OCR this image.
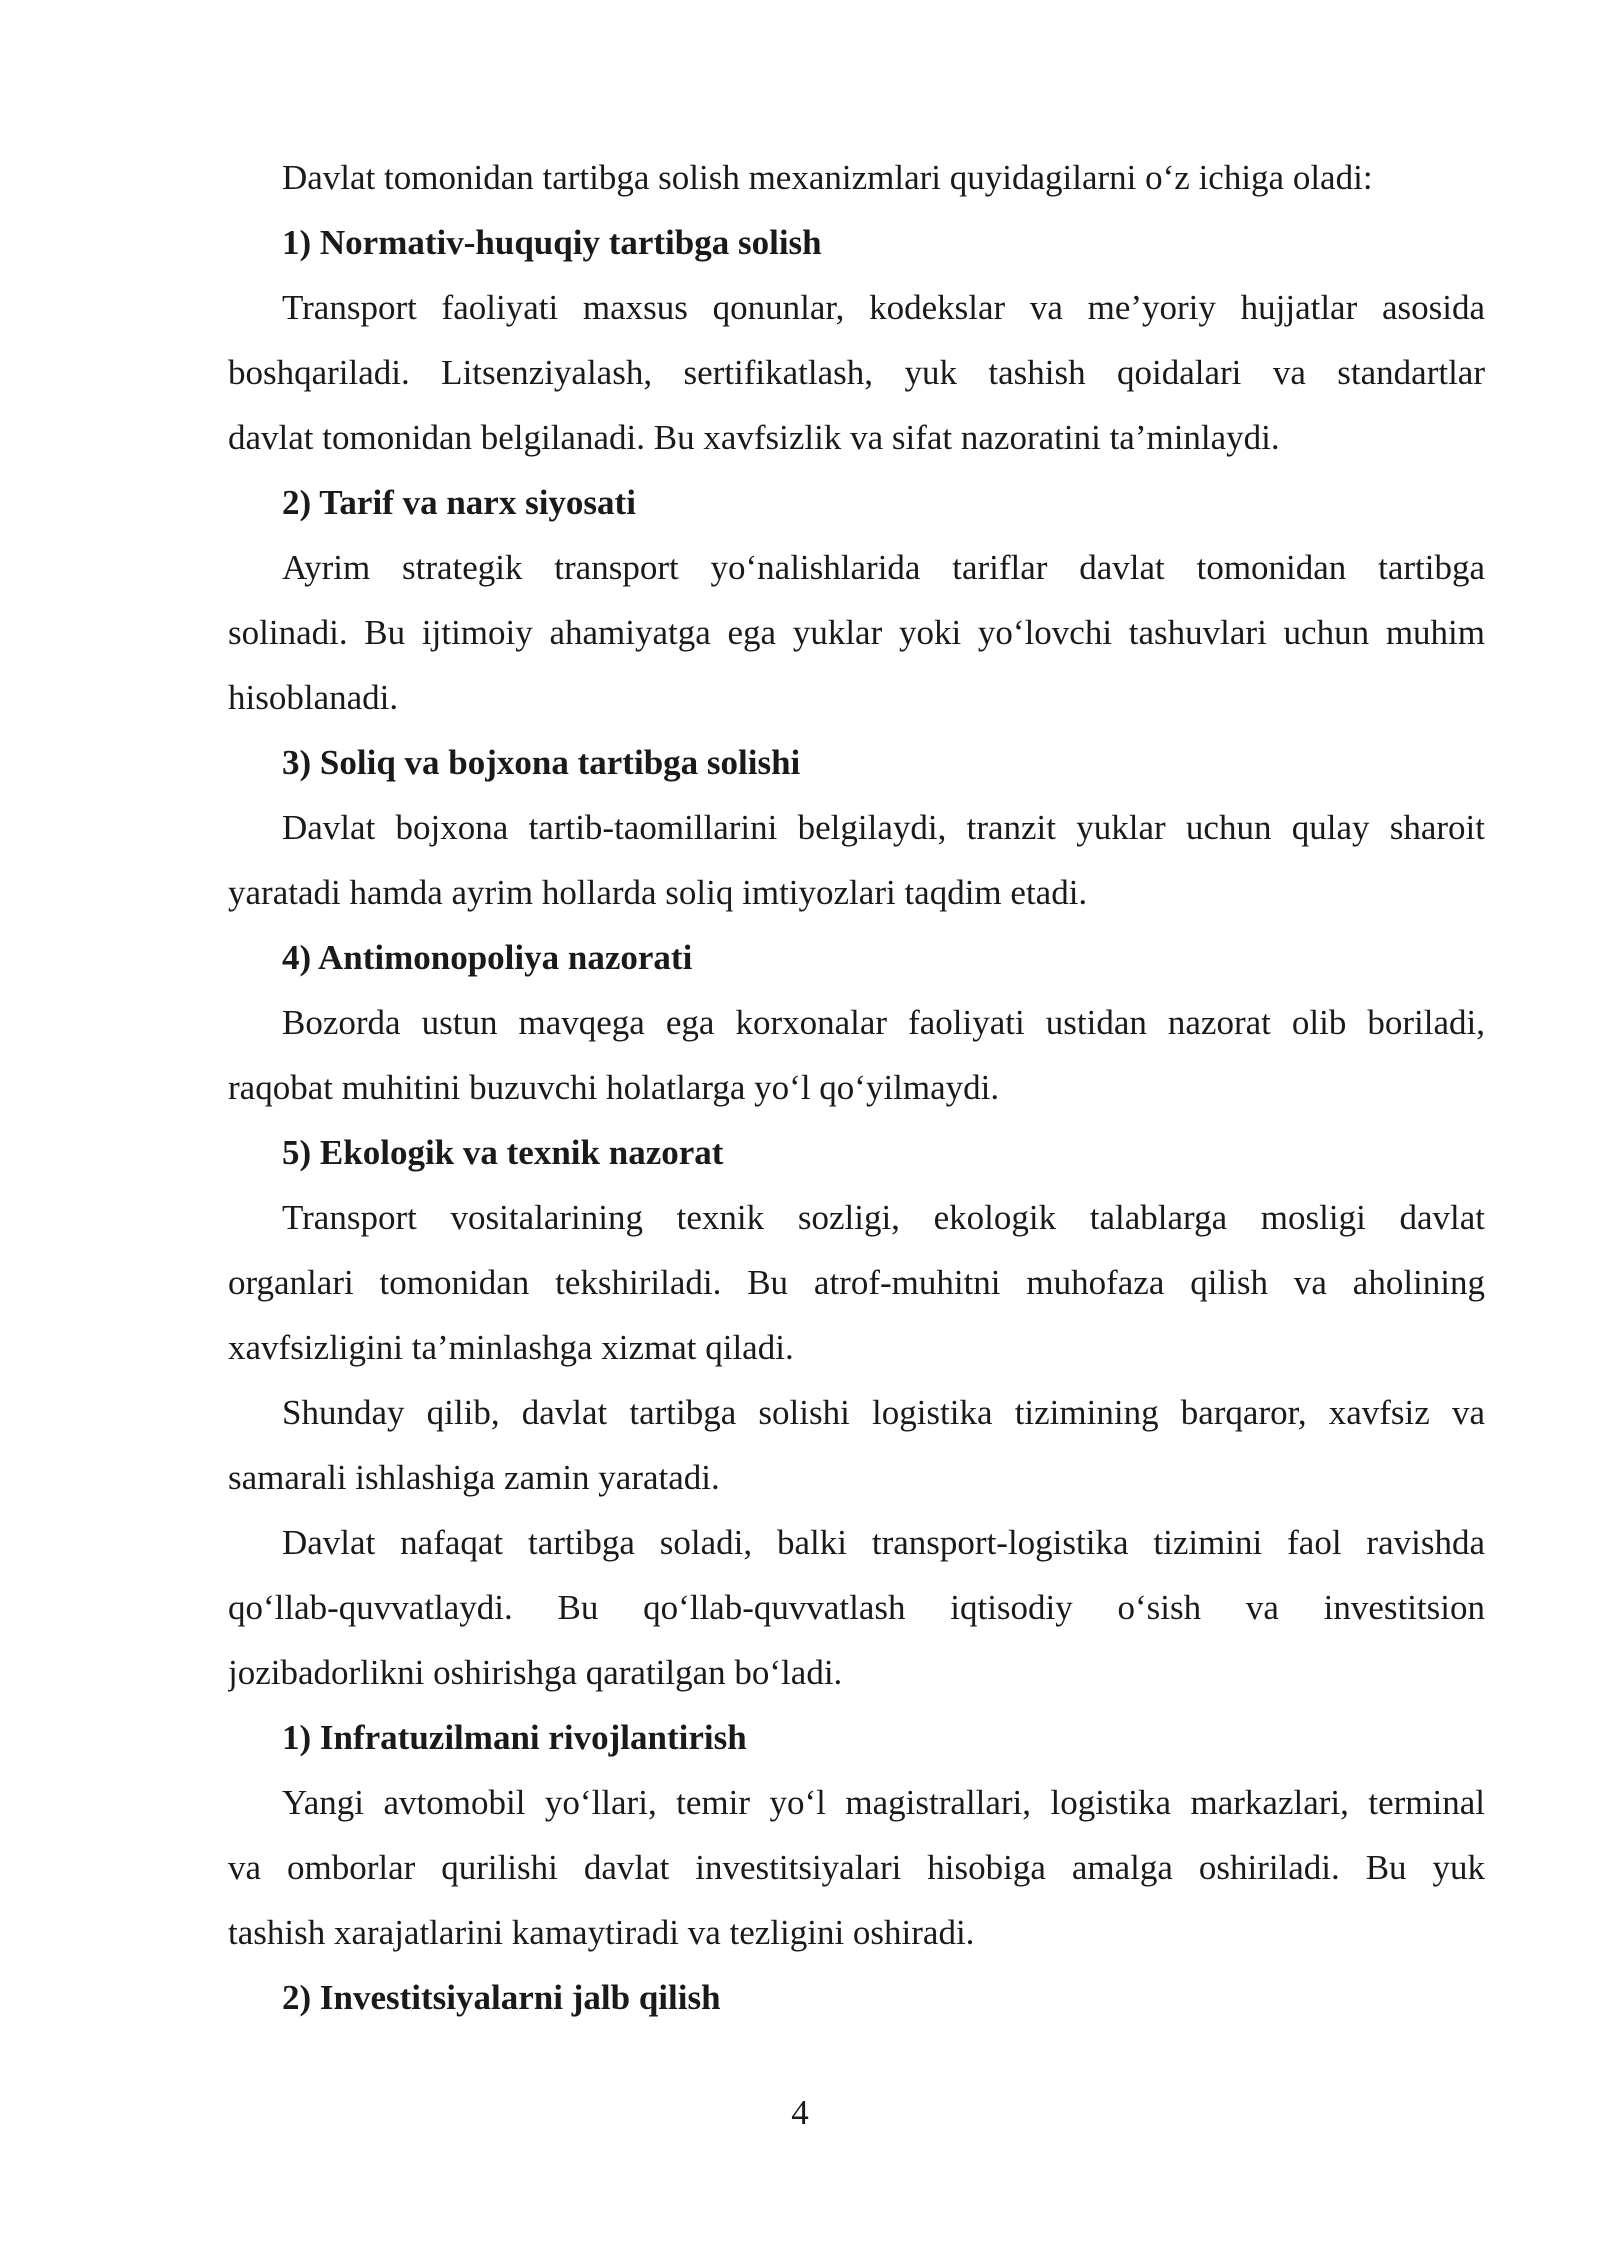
Davlat tomonidan tartibga solish mexanizmlari quyidagilarni o‘z ichiga oladi:
1) Normativ-huquqiy tartibga solish
Transport faoliyati maxsus qonunlar, kodekslar va me’yoriy hujjatlar asosida
boshqariladi. Litsenziyalash, sertifikatlash, yuk tashish qoidalari va standartlar
davlat tomonidan belgilanadi. Bu xavfsizlik va sifat nazoratini ta’minlaydi.
2) Tarif va narx siyosati
Ayrim strategik transport yo‘nalishlarida tariflar davlat tomonidan tartibga
solinadi. Bu ijtimoiy ahamiyatga ega yuklar yoki yo‘lovchi tashuvlari uchun muhim
hisoblanadi.
3) Soliq va bojxona tartibga solishi
Davlat bojxona tartib-taomillarini belgilaydi, tranzit yuklar uchun qulay sharoit
yaratadi hamda ayrim hollarda soliq imtiyozlari taqdim etadi.
4) Antimonopoliya nazorati
Bozorda ustun mavqega ega korxonalar faoliyati ustidan nazorat olib boriladi,
raqobat muhitini buzuvchi holatlarga yo‘l qo‘yilmaydi.
5) Ekologik va texnik nazorat
Transport vositalarining texnik sozligi, ekologik talablarga mosligi davlat
organlari tomonidan tekshiriladi. Bu atrof-muhitni muhofaza qilish va aholining
xavfsizligini ta’minlashga xizmat qiladi.
Shunday qilib, davlat tartibga solishi logistika tizimining barqaror, xavfsiz va
samarali ishlashiga zamin yaratadi.
Davlat nafaqat tartibga soladi, balki transport-logistika tizimini faol ravishda
qo‘llab-quvvatlaydi. Bu qo‘llab-quvvatlash iqtisodiy o‘sish va investitsion
jozibadorlikni oshirishga qaratilgan bo‘ladi.
1) Infratuzilmani rivojlantirish
Yangi avtomobil yo‘llari, temir yo‘l magistrallari, logistika markazlari, terminal
va omborlar qurilishi davlat investitsiyalari hisobiga amalga oshiriladi. Bu yuk
tashish xarajatlarini kamaytiradi va tezligini oshiradi.
2) Investitsiyalarni jalb qilish
4
